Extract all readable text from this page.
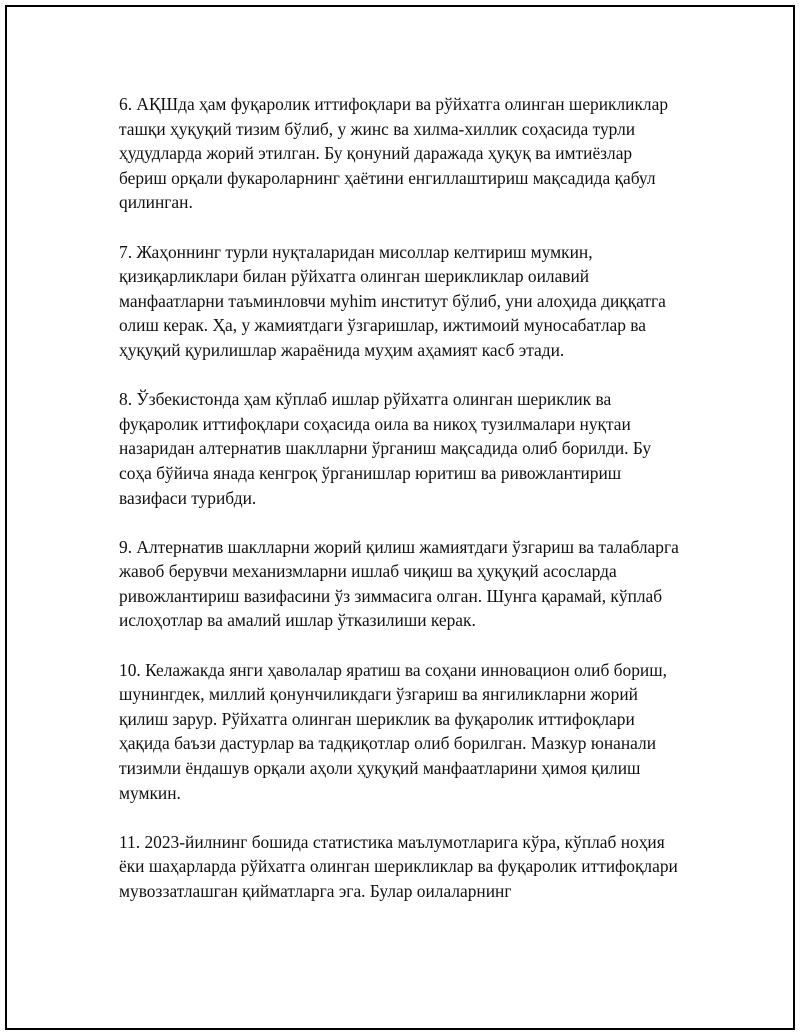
6. АҚШда ҳам фуқаролик иттифоқлари ва рўйхатга олинган шерикликлар ташқи ҳуқуқий тизим бўлиб, у жинс ва хилма-хиллик соҳасида турли ҳудудларда жорий этилган. Бу қонуний даражада ҳуқуқ ва имтиёзлар бериш орқали фукароларнинг ҳаётини енгиллаштириш мақсадида қабул qилинган.

7. Жаҳоннинг турли нуқталаридан мисоллар келтириш мумкин, қизиқарликлари билан рўйхатга олинган шерикликлар оилавий манфаатларни таъминловчи муhim институт бўлиб, уни алоҳида диққатга олиш керак. Ҳа, у жамиятдаги ўзгаришлар, ижтимоий муносабатлар ва ҳуқуқий қурилишлар жараёнида муҳим аҳамият касб этади.

8. Ўзбекистонда ҳам кўплаб ишлар рўйхатга олинган шериклик ва фуқаролик иттифоқлари соҳасида оила ва никоҳ тузилмалари нуқтаи назаридан алтернатив шаклларни ўрганиш мақсадида олиб борилди. Бу соҳа бўйича янада кенгроқ ўрганишлар юритиш ва ривожлантириш вазифаси турибди.

9. Алтернатив шаклларни жорий қилиш жамиятдаги ўзгариш ва талабларга жавоб берувчи механизмларни ишлаб чиқиш ва ҳуқуқий асосларда ривожлантириш вазифасини ўз зиммасига олган. Шунга қарамай, кўплаб ислоҳотлар ва амалий ишлар ўтказилиши керак.

10. Келажакда янги ҳаволалар яратиш ва соҳани инновацион олиб бориш, шунингдек, миллий қонунчиликдаги ўзгариш ва янгиликларни жорий қилиш зарур. Рўйхатга олинган шериклик ва фуқаролик иттифоқлари ҳақида баъзи дастурлар ва тадқиқотлар олиб борилган. Мазкур юнанали тизимли ёндашув орқали аҳоли ҳуқуқий манфаатларини ҳимоя қилиш мумкин.

11. 2023-йилнинг бошида статистика маълумотларига кўра, кўплаб ноҳия ёки шаҳарларда рўйхатга олинган шерикликлар ва фуқаролик иттифоқлари мувоззатлашган қийматларга эга. Булар оилаларнинг
